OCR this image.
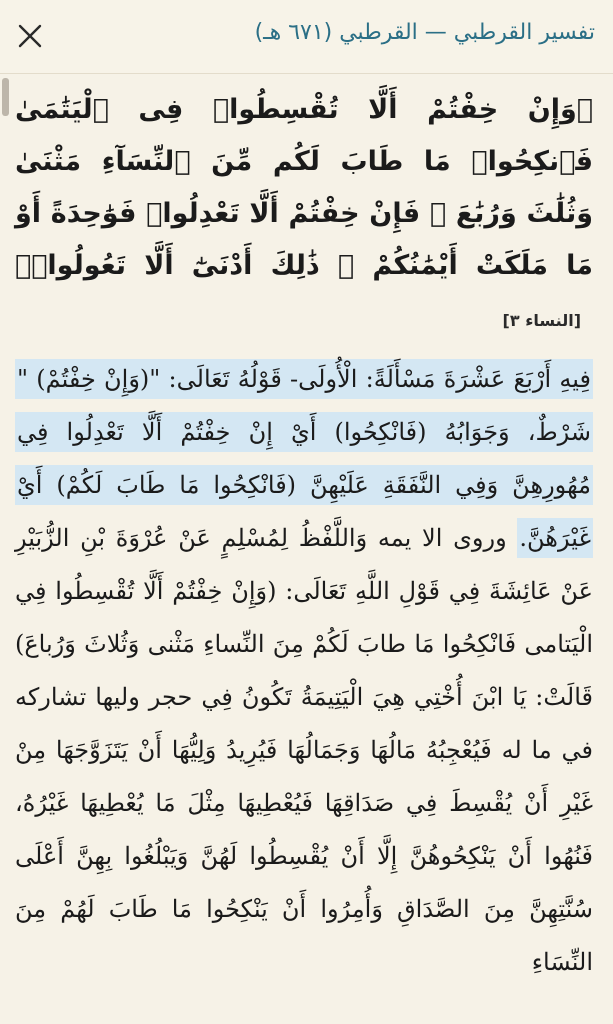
تفسير القرطبي — القرطبي (٦٧١ هـ)

﴿وَإِنْ خِفْتُمْ أَلَّا تُقْسِطُوا۟ فِى ٱلْيَتَٰمَىٰ فَٱنكِحُوا۟ مَا طَابَ لَكُم مِّنَ ٱلنِّسَآءِ مَثْنَىٰ وَثُلَٰثَ وَرُبَٰعَ ۖ فَإِنْ خِفْتُمْ أَلَّا تَعْدِلُوا۟ فَوَٰحِدَةً أَوْ مَا مَلَكَتْ أَيْمَٰنُكُمْ ۚ ذَٰلِكَ أَدْنَىٰٓ أَلَّا تَعُولُوا۟﴾ [النساء ٣]

فِيهِ أَرْبَعَ عَشْرَةَ مَسْأَلَةً: الْأُولَى- قَوْلُهُ تَعَالَى: "(وَإِنْ خِفْتُمْ) " شَرْطٌ، وَجَوَابُهُ (فَانْكِحُوا) أَيْ إِنْ خِفْتُمْ أَلَّا تَعْدِلُوا فِي مُهُورِهِنَّ وَفِي النَّفَقَةِ عَلَيْهِنَّ (فَانْكِحُوا مَا طَابَ لَكُمْ) أَيْ غَيْرَهُنَّ. وروى الا يمه وَاللَّفْظُ لِمُسْلِمٍ عَنْ عُرْوَةَ بْنِ الزُّبَيْرِ عَنْ عَائِشَةَ فِي قَوْلِ اللَّهِ تَعَالَى: (وَإِنْ خِفْتُمْ أَلَّا تُقْسِطُوا فِي الْيَتامى فَانْكِحُوا مَا طابَ لَكُمْ مِنَ النِّساءِ مَثْنى وَثُلاثَ وَرُباعَ) قَالَتْ: يَا ابْنَ أُخْتِي هِيَ الْيَتِيمَةُ تَكُونُ فِي حجر وليها تشاركه في ما له فَيُعْجِبُهُ مَالُهَا وَجَمَالُهَا فَيُرِيدُ وَلِيُّهَا أَنْ يَتَزَوَّجَهَا مِنْ غَيْرِ أَنْ يُقْسِطَ فِي صَدَاقِهَا فَيُعْطِيهَا مِثْلَ مَا يُعْطِيهَا غَيْرُهُ، فَنُهُوا أَنْ يَنْكِحُوهُنَّ إِلَّا أَنْ يُقْسِطُوا لَهُنَّ وَيَبْلُغُوا بِهِنَّ أَعْلَى سُنَّتِهِنَّ مِنَ الصَّدَاقِ وَأُمِرُوا أَنْ يَنْكِحُوا مَا طَابَ لَهُمْ مِنَ النِّسَاءِ
